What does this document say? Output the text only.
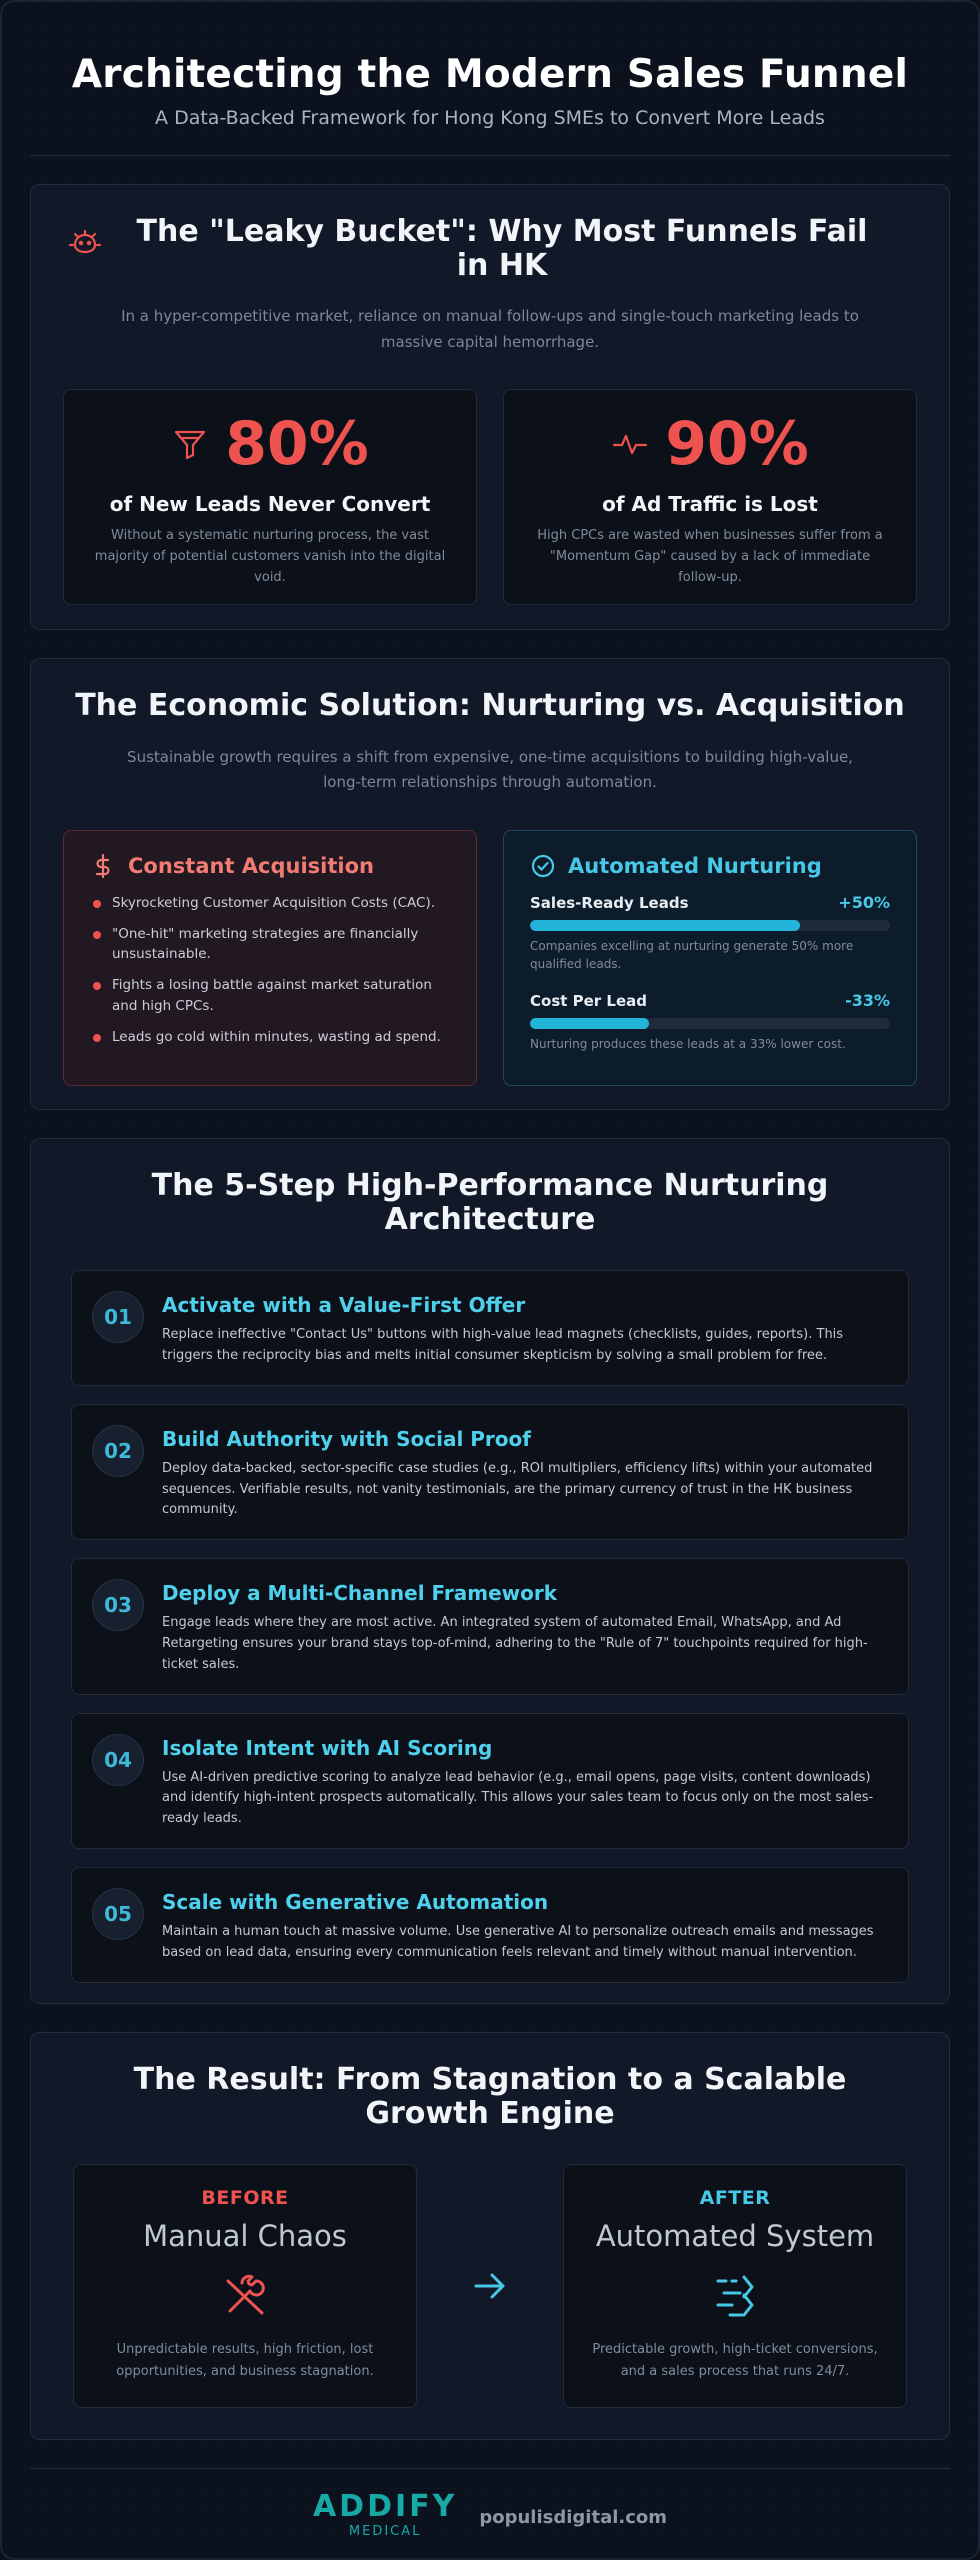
Architecting the Modern Sales Funnel
A Data-Backed Framework for Hong Kong SMEs to Convert More Leads
The "Leaky Bucket": Why Most Funnels Fail in HK

In a hyper-competitive market, reliance on manual follow-ups and single-touch marketing leads to massive capital hemorrhage.

80%
of New Leads Never Convert
Without a systematic nurturing process, the vast majority of potential customers vanish into the digital void.
90%
of Ad Traffic is Lost
High CPCs are wasted when businesses suffer from a "Momentum Gap" caused by a lack of immediate follow-up.
The Economic Solution: Nurturing vs. Acquisition

Sustainable growth requires a shift from expensive, one-time acquisitions to building high-value, long-term relationships through automation.

Constant Acquisition
Skyrocketing Customer Acquisition Costs (CAC).
"One-hit" marketing strategies are financially unsustainable.
Fights a losing battle against market saturation and high CPCs.
Leads go cold within minutes, wasting ad spend.
Automated Nurturing
Sales-Ready Leads	+50%
Companies excelling at nurturing generate 50% more qualified leads.
Cost Per Lead	-33%
Nurturing produces these leads at a 33% lower cost.
The 5-Step High-Performance Nurturing Architecture
01	Activate with a Value-First Offer
Replace ineffective "Contact Us" buttons with high-value lead magnets (checklists, guides, reports). This triggers the reciprocity bias and melts initial consumer skepticism by solving a small problem for free.
02	Build Authority with Social Proof
Deploy data-backed, sector-specific case studies (e.g., ROI multipliers, efficiency lifts) within your automated sequences. Verifiable results, not vanity testimonials, are the primary currency of trust in the HK business community.
03	Deploy a Multi-Channel Framework
Engage leads where they are most active. An integrated system of automated Email, WhatsApp, and Ad Retargeting ensures your brand stays top-of-mind, adhering to the "Rule of 7" touchpoints required for high-ticket sales.
04	Isolate Intent with AI Scoring
Use AI-driven predictive scoring to analyze lead behavior (e.g., email opens, page visits, content downloads) and identify high-intent prospects automatically. This allows your sales team to focus only on the most sales-ready leads.
05	Scale with Generative Automation
Maintain a human touch at massive volume. Use generative AI to personalize outreach emails and messages based on lead data, ensuring every communication feels relevant and timely without manual intervention.
The Result: From Stagnation to a Scalable Growth Engine
BEFORE
Manual Chaos
Unpredictable results, high friction, lost opportunities, and business stagnation.
AFTER
Automated System
Predictable growth, high-ticket conversions, and a sales process that runs 24/7.
ADDIFY
MEDICAL
populisdigital.com
